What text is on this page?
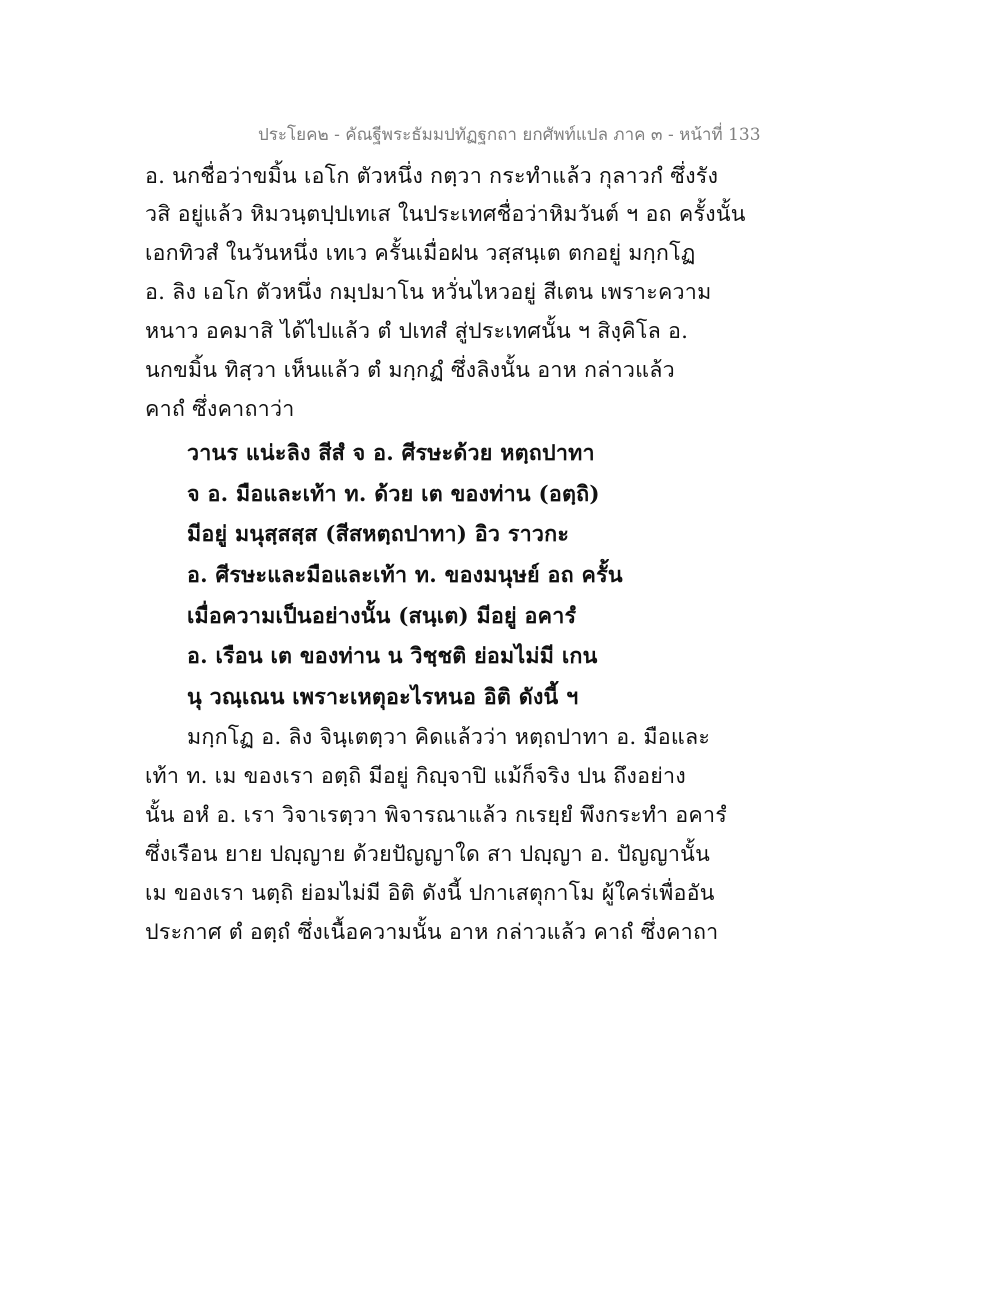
ประโยค๒ - คัณฐีพระธัมมปทัฏฐกถา ยกศัพท์แปล ภาค ๓ - หน้าที่ 133
อ. นกชื่อว่าขมิ้น เอโก ตัวหนึ่ง กตฺวา กระทำแล้ว กุลาวกํ ซึ่งรัง
วสิ อยู่แล้ว หิมวนฺตปฺปเทเส ในประเทศชื่อว่าหิมวันต์ ฯ อถ ครั้งนั้น
เอกทิวสํ ในวันหนึ่ง เทเว ครั้นเมื่อฝน วสฺสนฺเต ตกอยู่ มกฺกโฏ
อ. ลิง เอโก ตัวหนึ่ง กมฺปมาโน หวั่นไหวอยู่ สีเตน เพราะความ
หนาว อคมาสิ ได้ไปแล้ว ตํ ปเทสํ สู่ประเทศนั้น ฯ สิงฺคิโล อ.
นกขมิ้น ทิสฺวา เห็นแล้ว ตํ มกฺกฏํ ซึ่งลิงนั้น อาห กล่าวแล้ว
คาถํ ซึ่งคาถาว่า
วานร แน่ะลิง สีสํ จ อ. ศีรษะด้วย หตฺถปาทา
จ อ. มือและเท้า ท. ด้วย เต ของท่าน (อตฺถิ)
มีอยู่ มนุสฺสสฺส (สีสหตฺถปาทา) อิว ราวกะ
อ. ศีรษะและมือและเท้า ท. ของมนุษย์ อถ ครั้น
เมื่อความเป็นอย่างนั้น (สนฺเต) มีอยู่ อคารํ
อ. เรือน เต ของท่าน น วิชฺชติ ย่อมไม่มี เกน
นุ วณฺเณน เพราะเหตุอะไรหนอ อิติ ดังนี้ ฯ
มกฺกโฏ อ. ลิง จินฺเตตฺวา คิดแล้วว่า หตฺถปาทา อ. มือและ
เท้า ท. เม ของเรา อตฺถิ มีอยู่ กิญฺจาปิ แม้ก็จริง ปน ถึงอย่าง
นั้น อหํ อ. เรา วิจาเรตฺวา พิจารณาแล้ว กเรยฺยํ พึงกระทำ อคารํ
ซึ่งเรือน ยาย ปญฺญาย ด้วยปัญญาใด สา ปญฺญา อ. ปัญญานั้น
เม ของเรา นตฺถิ ย่อมไม่มี อิติ ดังนี้ ปกาเสตุกาโม ผู้ใคร่เพื่ออัน
ประกาศ ตํ อตฺถํ ซึ่งเนื้อความนั้น อาห กล่าวแล้ว คาถํ ซึ่งคาถา
